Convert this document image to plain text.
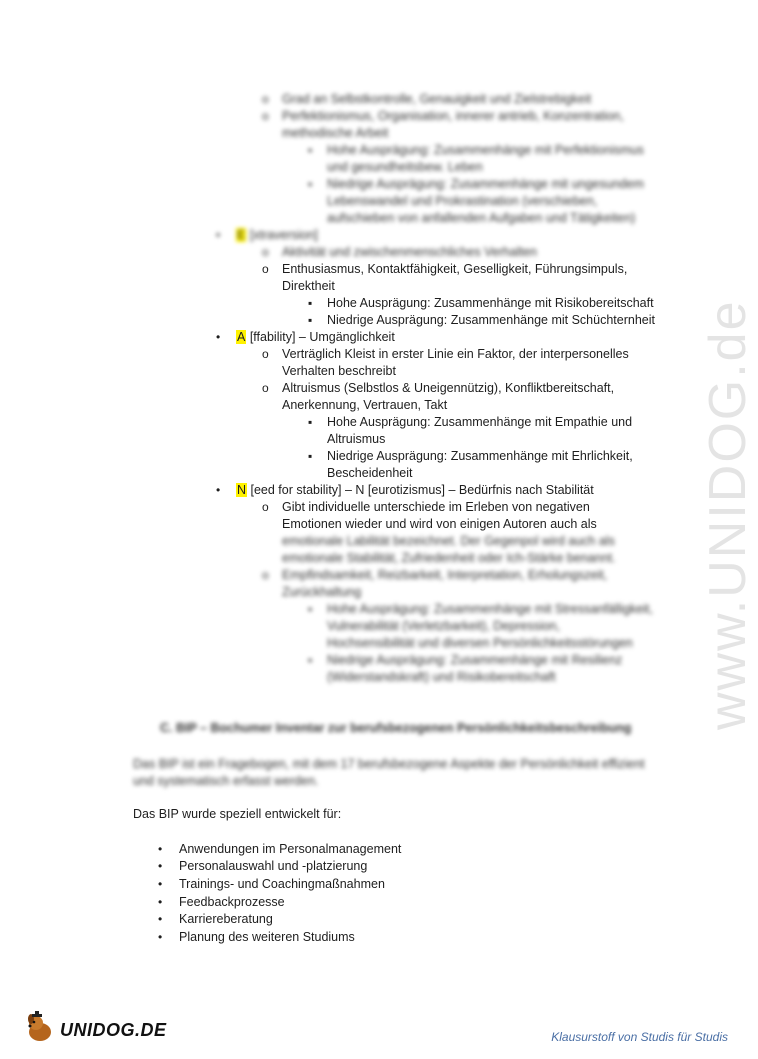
www.UNIDOG.de
o Grad an Selbstkontrolle, Genauigkeit und Zielstrebigkeit
o Perfektionismus, Organisation, innerer antrieb, Konzentration,
methodische Arbeit
▪ Hohe Ausprägung: Zusammenhänge mit Perfektionismus
und gesundheitsbew. Leben
▪ Niedrige Ausprägung: Zusammenhänge mit ungesundem
Lebenswandel und Prokrastination (verschieben,
aufschieben von anfallenden Aufgaben und Tätigkeiten)
• E [xtraversion]
o Aktivität und zwischenmenschliches Verhalten
o Enthusiasmus, Kontaktfähigkeit, Geselligkeit, Führungsimpuls,
Direktheit
▪ Hohe Ausprägung: Zusammenhänge mit Risikobereitschaft
▪ Niedrige Ausprägung: Zusammenhänge mit Schüchternheit
• A [ffability] – Umgänglichkeit
o Verträglich Kleist in erster Linie ein Faktor, der interpersonelles
Verhalten beschreibt
o Altruismus (Selbstlos & Uneigennützig), Konfliktbereitschaft,
Anerkennung, Vertrauen, Takt
▪ Hohe Ausprägung: Zusammenhänge mit Empathie und
Altruismus
▪ Niedrige Ausprägung: Zusammenhänge mit Ehrlichkeit,
Bescheidenheit
• N [eed for stability] – N [eurotizismus] – Bedürfnis nach Stabilität
o Gibt individuelle unterschiede im Erleben von negativen
Emotionen wieder und wird von einigen Autoren auch als
emotionale Labilität bezeichnet. Der Gegenpol wird auch als
emotionale Stabilität, Zufriedenheit oder Ich-Stärke benannt.
o Empfindsamkeit, Reizbarkeit, Interpretation, Erholungszeit,
Zurückhaltung
▪ Hohe Ausprägung: Zusammenhänge mit Stressanfälligkeit,
Vulnerabilität (Verletzbarkeit), Depression,
Hochsensibilität und diversen Persönlichkeitsstörungen
▪ Niedrige Ausprägung: Zusammenhänge mit Resilienz
(Widerstandskraft) und Risikobereitschaft
C. BIP – Bochumer Inventar zur berufsbezogenen Persönlichkeitsbeschreibung
Das BIP ist ein Fragebogen, mit dem 17 berufsbezogene Aspekte der Persönlichkeit effizient
und systematisch erfasst werden.
Das BIP wurde speziell entwickelt für:
• Anwendungen im Personalmanagement
• Personalauswahl und -platzierung
• Trainings- und Coachingmaßnahmen
• Feedbackprozesse
• Karriereberatung
• Planung des weiteren Studiums
UNIDOG.DE	Klausurstoff von Studis für Studis
